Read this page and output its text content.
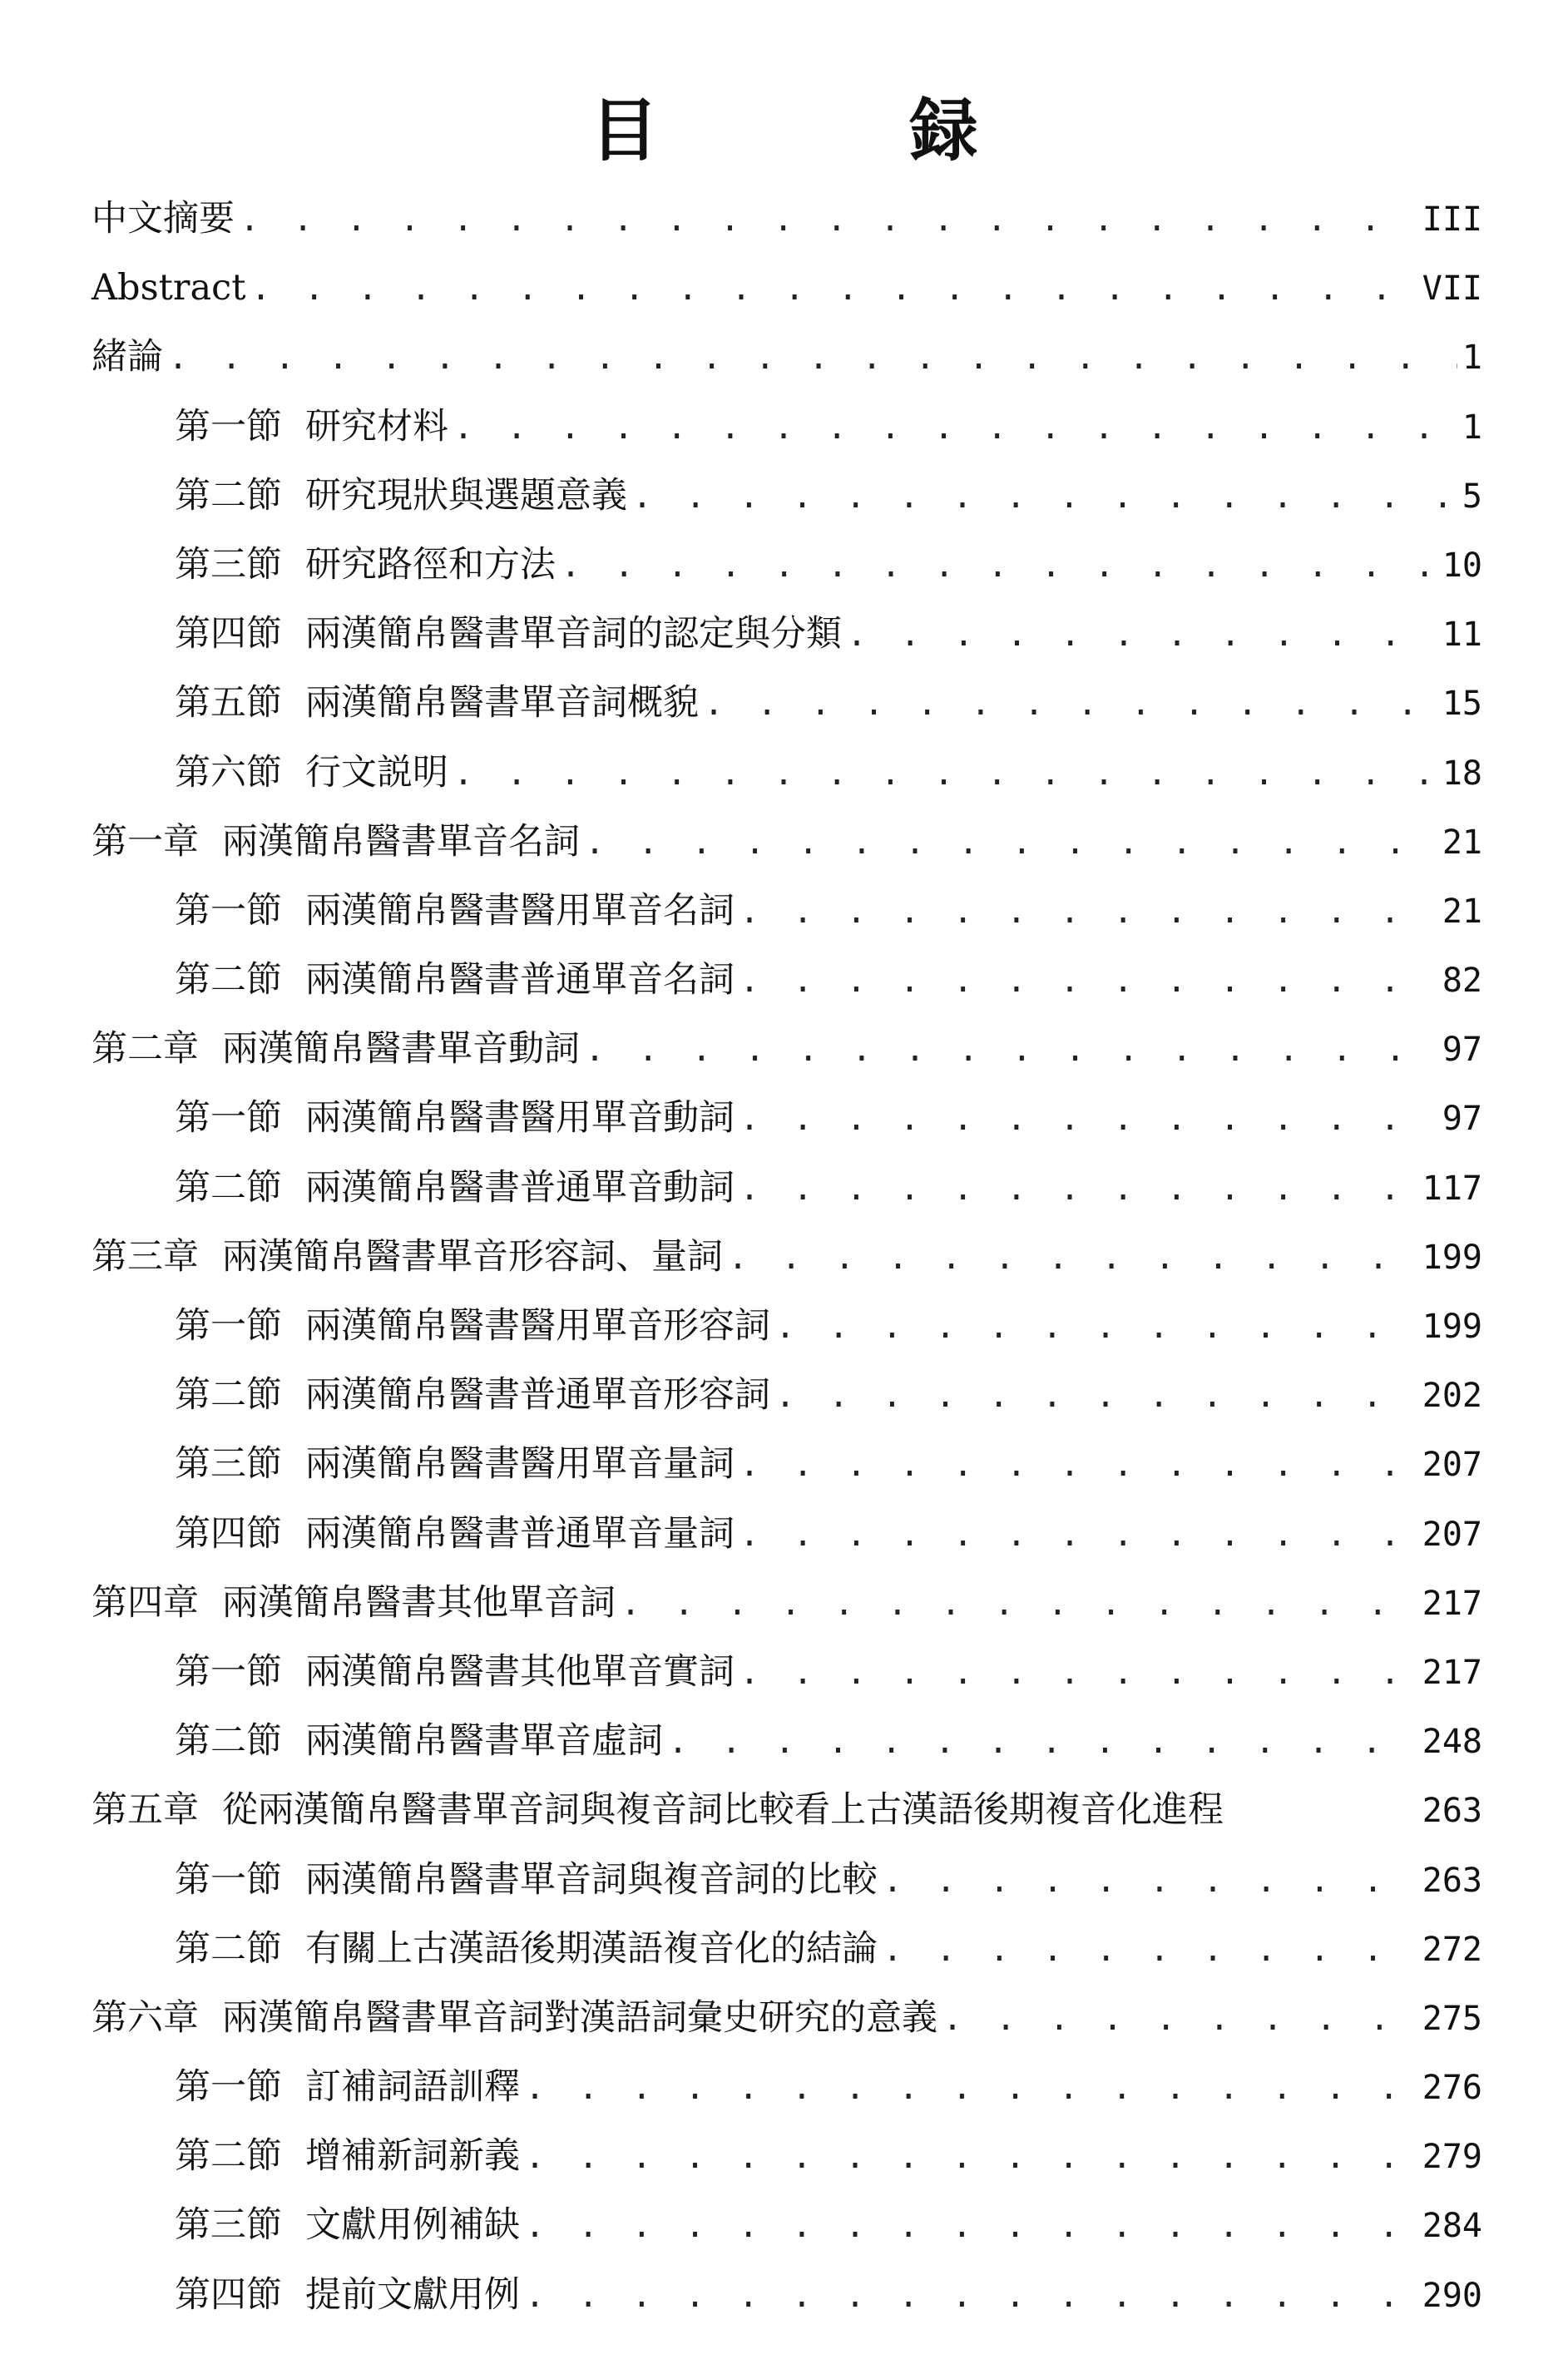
目　録
中文摘要 . . .	III
Abstract . . .	VII
緒論 . . .	1
第一節 研究材料 . . .	1
第二節 研究現狀與選題意義 . . .	5
第三節 研究路徑和方法 . . .	10
第四節 兩漢簡帛醫書單音詞的認定與分類 . . .	11
第五節 兩漢簡帛醫書單音詞概貌 . . .	15
第六節 行文説明 . . .	18
第一章 兩漢簡帛醫書單音名詞 . . .	21
第一節 兩漢簡帛醫書醫用單音名詞 . . .	21
第二節 兩漢簡帛醫書普通單音名詞 . . .	82
第二章 兩漢簡帛醫書單音動詞 . . .	97
第一節 兩漢簡帛醫書醫用單音動詞 . . .	97
第二節 兩漢簡帛醫書普通單音動詞 . . .	117
第三章 兩漢簡帛醫書單音形容詞、量詞 . . .	199
第一節 兩漢簡帛醫書醫用單音形容詞 . . .	199
第二節 兩漢簡帛醫書普通單音形容詞 . . .	202
第三節 兩漢簡帛醫書醫用單音量詞 . . .	207
第四節 兩漢簡帛醫書普通單音量詞 . . .	207
第四章 兩漢簡帛醫書其他單音詞 . . .	217
第一節 兩漢簡帛醫書其他單音實詞 . . .	217
第二節 兩漢簡帛醫書單音虛詞 . . .	248
第五章 從兩漢簡帛醫書單音詞與複音詞比較看上古漢語後期複音化進程	263
第一節 兩漢簡帛醫書單音詞與複音詞的比較 . . .	263
第二節 有關上古漢語後期漢語複音化的結論 . . .	272
第六章 兩漢簡帛醫書單音詞對漢語詞彙史研究的意義 . . .	275
第一節 訂補詞語訓釋 . . .	276
第二節 增補新詞新義 . . .	279
第三節 文獻用例補缺 . . .	284
第四節 提前文獻用例 . . .	290
